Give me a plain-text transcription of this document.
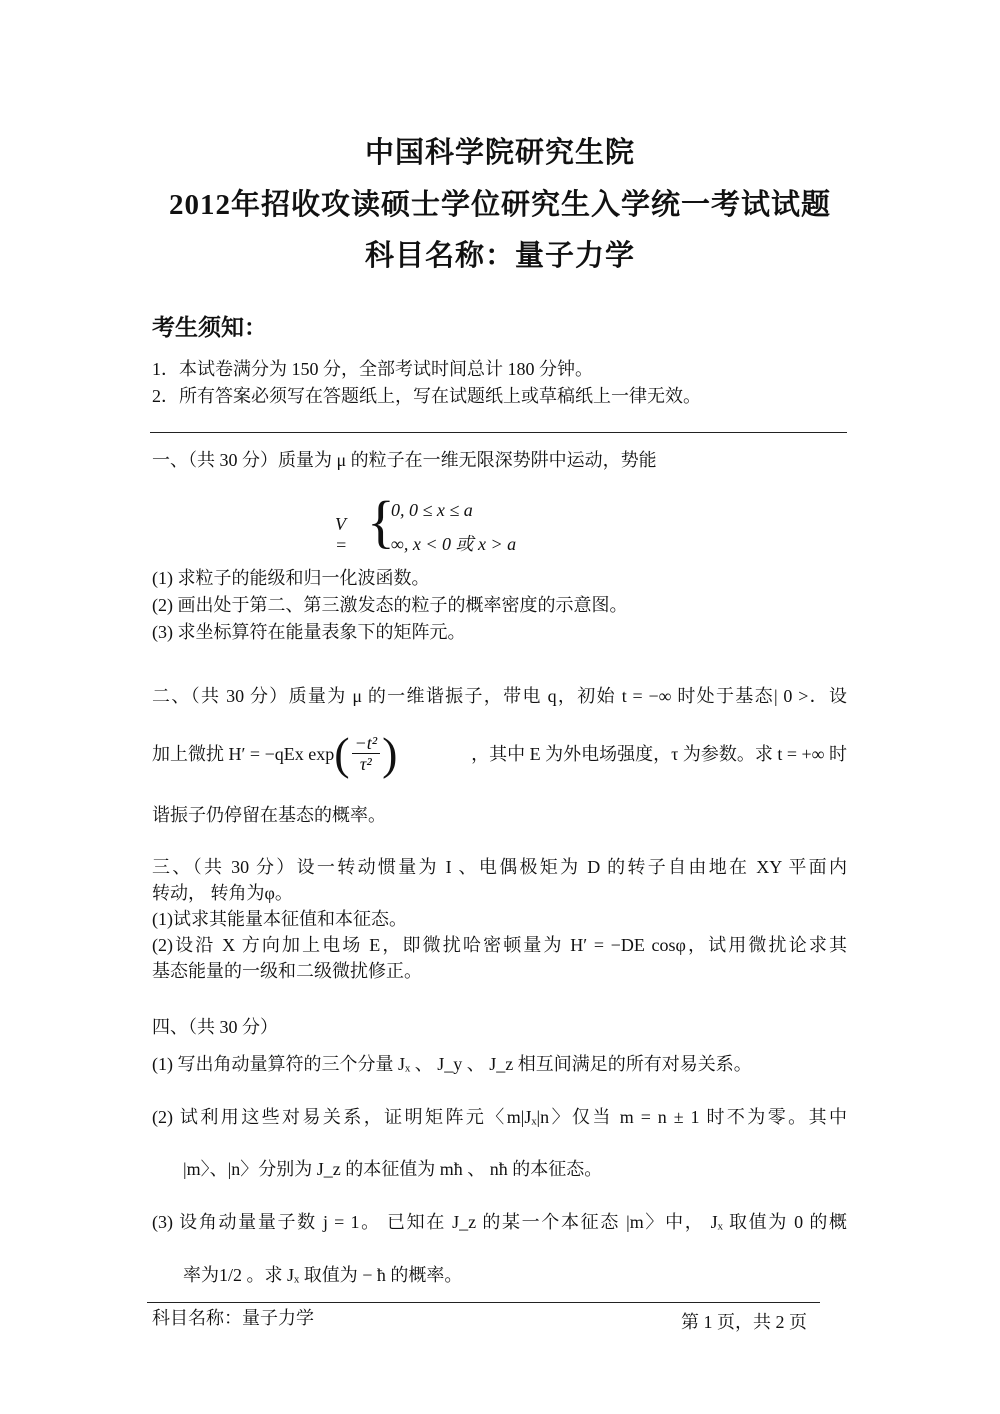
中国科学院研究生院
2012年招收攻读硕士学位研究生入学统一考试试题
科目名称：量子力学
考生须知：
1．本试卷满分为 150 分，全部考试时间总计 180 分钟。
2．所有答案必须写在答题纸上，写在试题纸上或草稿纸上一律无效。
一、（共 30 分）质量为 μ 的粒子在一维无限深势阱中运动，势能
V = {
0, 0 ≤ x ≤ a
∞, x < 0 或 x > a
(1) 求粒子的能级和归一化波函数。
(2) 画出处于第二、第三激发态的粒子的概率密度的示意图。
(3) 求坐标算符在能量表象下的矩阵元。
二、（共 30 分）质量为 μ 的一维谐振子，带电 q，初始 t = −∞ 时处于基态| 0 >．设
加上微扰 H′ = −qEx exp ( $\frac{\text{−t²}}{\text{τ²}}$ )	，其中 E 为外电场强度，τ 为参数。求 t = +∞ 时
谐振子仍停留在基态的概率。
三、（共 30 分）设一转动惯量为 I 、电偶极矩为 D 的转子自由地在 XY 平面内
转动， 转角为φ。
(1)试求其能量本征值和本征态。
(2)设沿 X 方向加上电场 E，即微扰哈密顿量为 H′ = −DE cosφ，试用微扰论求其
基态能量的一级和二级微扰修正。
四、（共 30 分）
(1) 写出角动量算符的三个分量 Jₓ 、 J_y 、 J_z 相互间满足的所有对易关系。
(2) 试利用这些对易关系，证明矩阵元〈m|Jₓ|n〉仅当 m = n ± 1 时不为零。其中
|m〉、|n〉分别为 J_z 的本征值为 mħ 、 nħ 的本征态。
(3) 设角动量量子数 j = 1。 已知在 J_z 的某一个本征态 |m〉中， Jₓ 取值为 0 的概
率为1/2 。求 Jₓ 取值为 − ħ 的概率。
科目名称：量子力学	第 1 页，共 2 页
